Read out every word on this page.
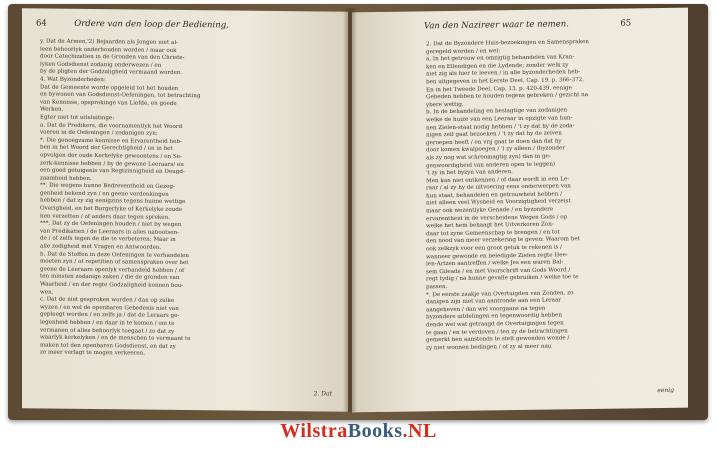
64	Ordere van den loop der Bediening,

y. Dat de Armen,'2) Bejaarden als Jongen niet al-

leen behoorlyk onderhouden worden / maar ook

door Catechizatien in de Gronden van den Christe-

lyken Godsdienst zodanig onderwezen / en

by de pligten der Godzaligheid vermaand worden.

4. Wat Byzonderheden:

Dat de Gemeente worde opgeleid tot het houden

en bywonen van Godsdienst-Oefeningen, tot betrachting

van Kennisse, opsprekinge van Liefde, en goede

Werken.

Egter niet tot uitsluitinge:

a. Dat de Predikers, die voornamentlyk het Woord

voeren in de Oefeningen / zodanigen zyn:

*. Die genoegzame kennisse en Ervarentheid heb-

ben in het Woord der Gerechtigheid / en in het

opvolgen der oude Kerkelyke gewoontens / en Se-

zerk-kennisse hebben / by de gewone Leeraars/ en

een goed getuigenis van Regtzinnigheid en Deugd-

zaamheid hebben.

**. Die wegens hunne Bedreventheid en Gezeg-

genheid bekend zyn / en geene verdenkingen

hebben / dat zy zig eenigzins tegens hunne wettige

Overigheid, en het Burgerlyke of Kerkelyke zoude

hen verzetten / of anders daar tegen spreken.

***. Dat zy de Oefeningen houden / niet by wegen

van Predikatien / de Leeraars in alles nabootsen-

de / of zelfs tegen de die te verbeteren: Maar in

alle zedigheid met Vragen en Antwoorden.

b. Dat de Stoffen in deze Oefeningen te verhandelen

moeten zyn / of repetitien of samenspraken over het

geene de Leeraars openlyk verhandeld hebben / of

ten minsten zodanige zaken / die de gronden van

Waarheid / en der regte Godzaligheid konnen bou-

wen.

c. Dat de niet gesproken worden / dan op zulke

wyzen / en wel de openbaren Gebedenis niet van

gepleegt worden / en zelfs ja / dat de Leraars ge-

legenheid hebben / en daar in te komen / om te

vermanen of alles behoorlyk toegaat / zo dat zy

waarlyk kerkelyken / en de menschen te vermaant te

maken tot den openbaren Godsdienst, en dat zy

ze meer verlagt te mogen verkeeren.

2. Dat
Van den Nazireer waar te nemen.	65

2. Dat de Byzondere Huis-bezoekingen en Samenspraken

geregeld worden / en wel:

a. In het getrouw en omzigtig behandelen van Kran-

ken en Ellendigen en die Lydende; zonder welk zy

niet zig als hier te leeven / in alle byzonderheden heb-

ben uitgegeven in het Eerste Deel, Cap. 19. p. 366-372.

En in het Tweede Deel, Cap. 13. p. 420-439. eenige

Gebeden hebben te houden tegens gebreken / gezicht na

ybere wettig.

b. In de behandeling en beslagtige van zodanigen

welke de huize van een Leeraar in opzigte van hun-

nen Zielen-staat nodig hebben / 't zy dat hy de zoda-

nigen zelf gaat bezoeken / 't zy dat hy de zelven

geroepen heeft / en vrij gaat te doen dan dat hy

door komen kwalpoegen / 'l zy alleen / (byzonder

als zy nog wat schroomagtig zyn) dan in ge-

genwoordigheid van anderen open te leggen)

't zy in het byzyn van anderen.

Men kan niet ontkennen / of daar wordt in een Le-

raar / al zy hy de uitvoering eens onderwerpen van

hun staat, behandelen en getrouwheid hebben /

niet alleen veel Wysheid en Voorzigtigheid verzeist

maar ook wezentlyke Genade / en byzondere

ervarentheid in de verscheidene Wegen Gods / op

welke het hem behaagt het Uitverkoren Zon-

daar tot zyne Gemeenschap te brengen / en tot

den nood van meer verzekering te geven: Waarom het

ook zelkzyk voor een groot geluk te rekenen is /

wanneer gewonde en beledigde Zielen regte Hee-

len-Artzen aantreffen / welke Jes een waren Bal-

sem Gileads / en met Voorschrift van Gods Woord /

regt tydig / na hunne gevalle gebruiken / welke toe te

passen.

*. De eerste zaakje van Overtuigden van Zonden, zo

danigen zijn niet van aantronde aan een Leraar

aangeheven / dan wel voorgaans na tegen

byzondere uitdelingen en tegenwoordig hebben

dende wel wat getraagd de Overtuigingen tegen

te gaan / en te verdoven / ten zy de betrachtingen

gemerkt hen aanstonds te stelt gewonden wonde /

zy niet wonnen bedingen / of zy al meer nau

eenig
WilstraBooks.NL
